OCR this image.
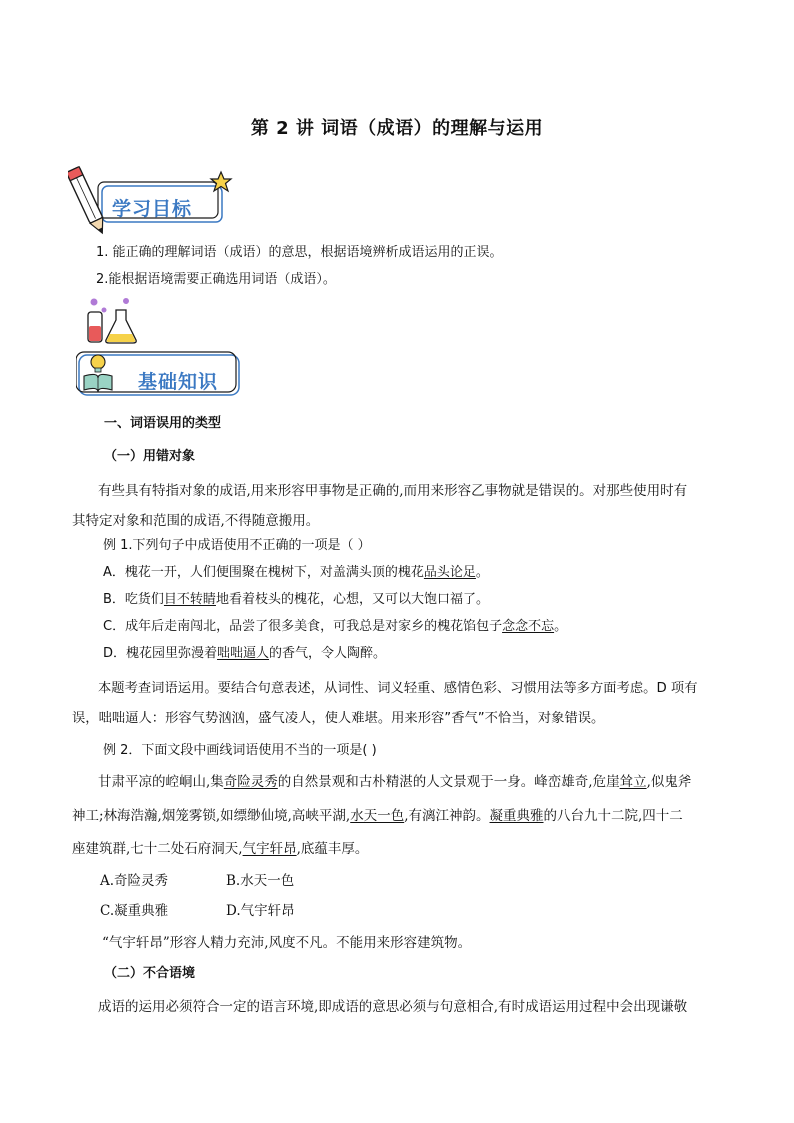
第 2 讲 词语（成语）的理解与运用
学习目标
1. 能正确的理解词语（成语）的意思，根据语境辨析成语运用的正误。
2.能根据语境需要正确选用词语（成语）。
基础知识
一、词语误用的类型
（一）用错对象
有些具有特指对象的成语,用来形容甲事物是正确的,而用来形容乙事物就是错误的。对那些使用时有
其特定对象和范围的成语,不得随意搬用。
例 1.下列句子中成语使用不正确的一项是（ ）
A．槐花一开，人们便围聚在槐树下，对盖满头顶的槐花品头论足。
B．吃货们目不转睛地看着枝头的槐花，心想，又可以大饱口福了。
C．成年后走南闯北，品尝了很多美食，可我总是对家乡的槐花馅包子念念不忘。
D．槐花园里弥漫着咄咄逼人的香气，令人陶醉。
本题考查词语运用。要结合句意表述，从词性、词义轻重、感情色彩、习惯用法等多方面考虑。D 项有
误，咄咄逼人：形容气势汹汹，盛气凌人，使人难堪。用来形容”香气”不恰当，对象错误。
例 2．下面文段中画线词语使用不当的一项是( )
甘肃平凉的崆峒山,集奇险灵秀的自然景观和古朴精湛的人文景观于一身。峰峦雄奇,危崖耸立,似鬼斧
神工;林海浩瀚,烟笼雾锁,如缥缈仙境,高峡平湖,水天一色,有漓江神韵。凝重典雅的八台九十二院,四十二
座建筑群,七十二处石府洞天,气宇轩昂,底蕴丰厚。
A.奇险灵秀	B.水天一色
C.凝重典雅	D.气宇轩昂
“气宇轩昂”形容人精力充沛,风度不凡。不能用来形容建筑物。
（二）不合语境
成语的运用必须符合一定的语言环境,即成语的意思必须与句意相合,有时成语运用过程中会出现谦敬
